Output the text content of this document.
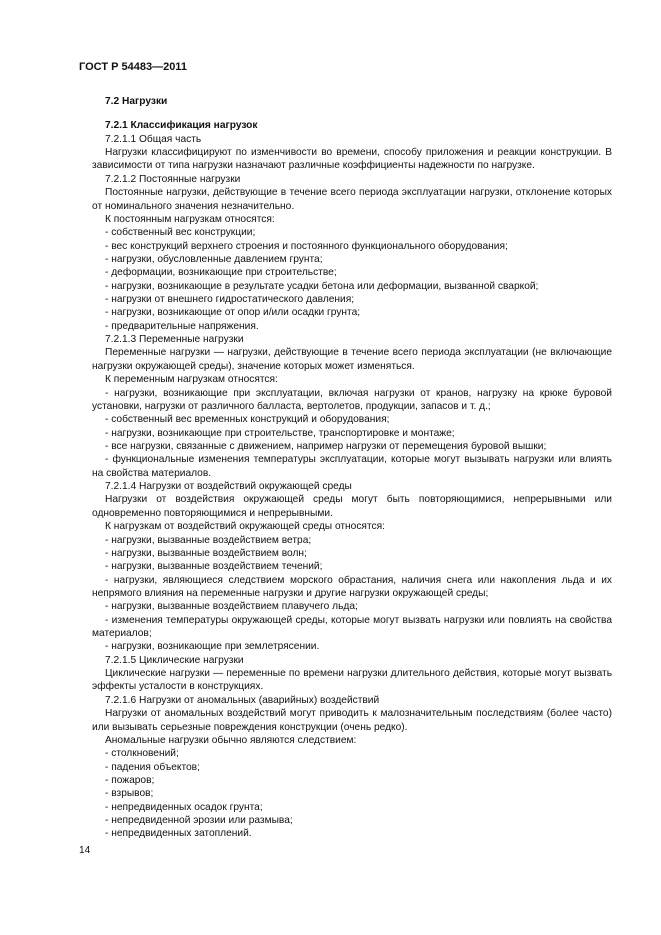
ГОСТ Р 54483—2011

7.2 Нагрузки

7.2.1 Классификация нагрузок

7.2.1.1 Общая часть

Нагрузки классифицируют по изменчивости во времени, способу приложения и реакции конструкции. В зависимости от типа нагрузки назначают различные коэффициенты надежности по нагрузке.

7.2.1.2 Постоянные нагрузки

Постоянные нагрузки, действующие в течение всего периода эксплуатации нагрузки, отклонение которых от номинального значения незначительно.

К постоянным нагрузкам относятся:

- собственный вес конструкции;

- вес конструкций верхнего строения и постоянного функционального оборудования;

- нагрузки, обусловленные давлением грунта;

- деформации, возникающие при строительстве;

- нагрузки, возникающие в результате усадки бетона или деформации, вызванной сваркой;

- нагрузки от внешнего гидростатического давления;

- нагрузки, возникающие от опор и/или осадки грунта;

- предварительные напряжения.

7.2.1.3 Переменные нагрузки

Переменные нагрузки — нагрузки, действующие в течение всего периода эксплуатации (не включающие нагрузки окружающей среды), значение которых может изменяться.

К переменным нагрузкам относятся:

- нагрузки, возникающие при эксплуатации, включая нагрузки от кранов, нагрузку на крюке буровой установки, нагрузки от различного балласта, вертолетов, продукции, запасов и т. д.;

- собственный вес временных конструкций и оборудования;

- нагрузки, возникающие при строительстве, транспортировке и монтаже;

- все нагрузки, связанные с движением, например нагрузки от перемещения буровой вышки;

- функциональные изменения температуры эксплуатации, которые могут вызывать нагрузки или влиять на свойства материалов.

7.2.1.4 Нагрузки от воздействий окружающей среды

Нагрузки от воздействия окружающей среды могут быть повторяющимися, непрерывными или одновременно повторяющимися и непрерывными.

К нагрузкам от воздействий окружающей среды относятся:

- нагрузки, вызванные воздействием ветра;

- нагрузки, вызванные воздействием волн;

- нагрузки, вызванные воздействием течений;

- нагрузки, являющиеся следствием морского обрастания, наличия снега или накопления льда и их непрямого влияния на переменные нагрузки и другие нагрузки окружающей среды;

- нагрузки, вызванные воздействием плавучего льда;

- изменения температуры окружающей среды, которые могут вызвать нагрузки или повлиять на свойства материалов;

- нагрузки, возникающие при землетрясении.

7.2.1.5 Циклические нагрузки

Циклические нагрузки — переменные по времени нагрузки длительного действия, которые могут вызвать эффекты усталости в конструкциях.

7.2.1.6 Нагрузки от аномальных (аварийных) воздействий

Нагрузки от аномальных воздействий могут приводить к малозначительным последствиям (более часто) или вызывать серьезные повреждения конструкции (очень редко).

Аномальные нагрузки обычно являются следствием:

- столкновений;

- падения объектов;

- пожаров;

- взрывов;

- непредвиденных осадок грунта;

- непредвиденной эрозии или размыва;

- непредвиденных затоплений.

14
